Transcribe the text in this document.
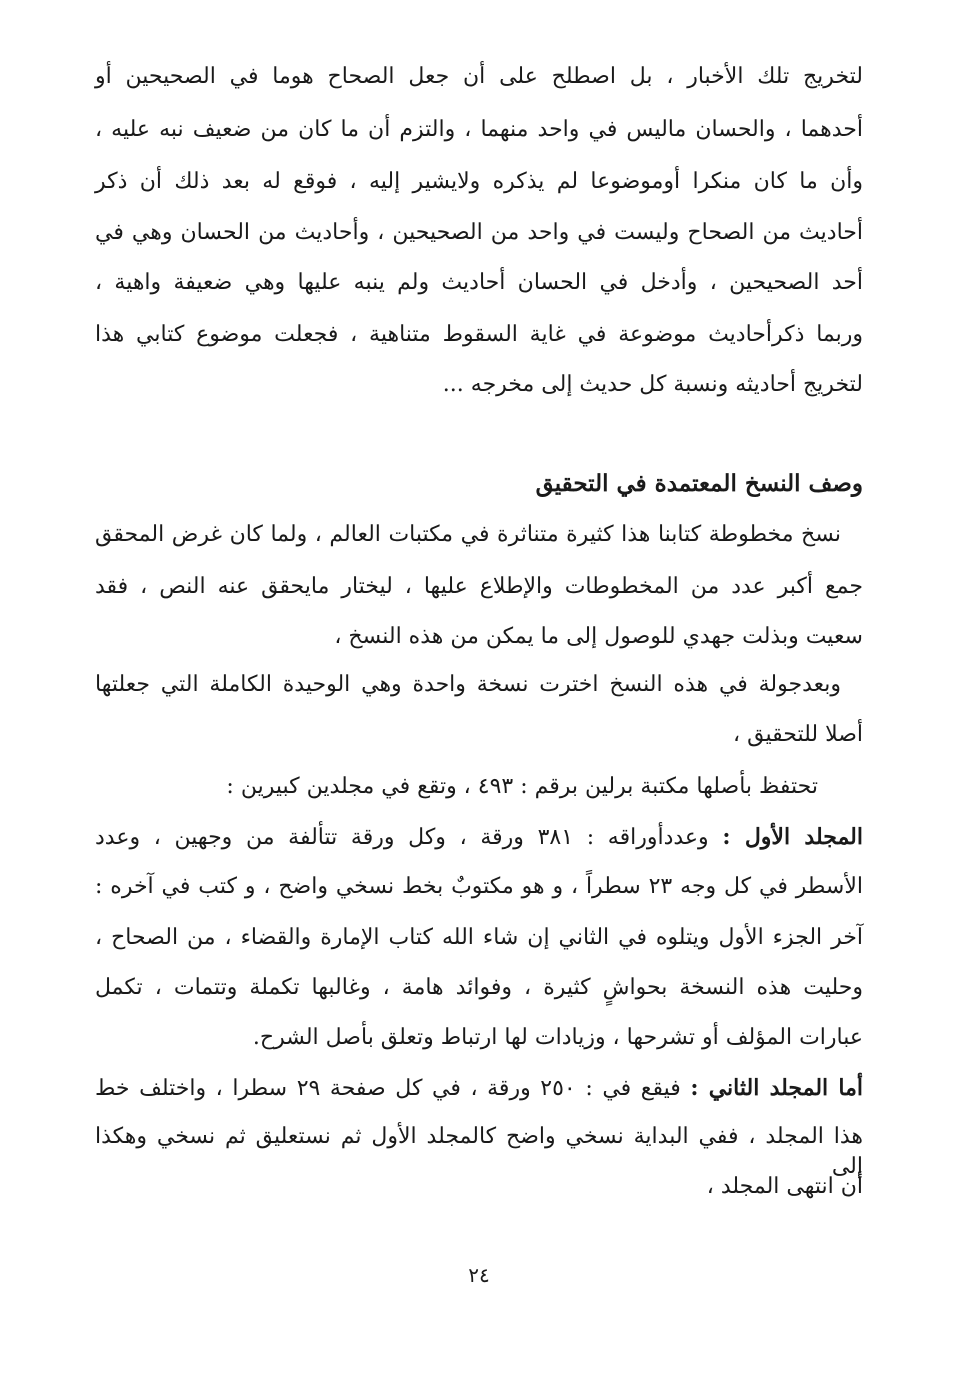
لتخريج تلك الأخبار ، بل اصطلح على أن جعل الصحاح هوما في الصحيحين أو
أحدهما ، والحسان ماليس في واحد منهما ، والتزم أن ما كان من ضعيف نبه عليه ،
وأن ما كان منكرا أوموضوعا لم يذكره ولايشير إليه ، فوقع له بعد ذلك أن ذكر
أحاديث من الصحاح وليست في واحد من الصحيحين ، وأحاديث من الحسان وهي في
أحد الصحيحين ، وأدخل في الحسان أحاديث ولم ينبه عليها وهي ضعيفة واهية ،
وربما ذكرأحاديث موضوعة في غاية السقوط متناهية ، فجعلت موضوع كتابي هذا
لتخريج أحاديثه ونسبة كل حديث إلى مخرجه ...
وصف النسخ المعتمدة في التحقيق
نسخ مخطوطة كتابنا هذا كثيرة متناثرة في مكتبات العالم ، ولما كان غرض المحقق
جمع أكبر عدد من المخطوطات والإطلاع عليها ، ليختار مايحقق عنه النص ، فقد
سعيت وبذلت جهدي للوصول إلى ما يمكن من هذه النسخ ،
وبعدجولة في هذه النسخ اخترت نسخة واحدة وهي الوحيدة الكاملة التي جعلتها
أصلا للتحقيق ،
تحتفظ بأصلها مكتبة برلين برقم : ٤٩٣ ، وتقع في مجلدين كبيرين :
المجلد الأول : وعددأوراقه : ٣٨١ ورقة ، وكل ورقة تتألفة من وجهين ، وعدد
الأسطر في كل وجه ٢٣ سطراً ، و هو مكتوبٌ بخط نسخي واضح ، و كتب في آخره :
آخر الجزء الأول ويتلوه في الثاني إن شاء الله كتاب الإمارة والقضاء ، من الصحاح ،
وحليت هذه النسخة بحواشٍ كثيرة ، وفوائد هامة ، وغالبها تكملة وتتمات ، تكمل
عبارات المؤلف أو تشرحها ، وزيادات لها ارتباط وتعلق بأصل الشرح.
أما المجلد الثاني : فيقع في : ٢٥٠ ورقة ، في كل صفحة ٢٩ سطرا ، واختلف خط
هذا المجلد ، ففي البداية نسخي واضح كالمجلد الأول ثم نستعليق ثم نسخي وهكذا إلى
أن انتهى المجلد ،
٢٤
